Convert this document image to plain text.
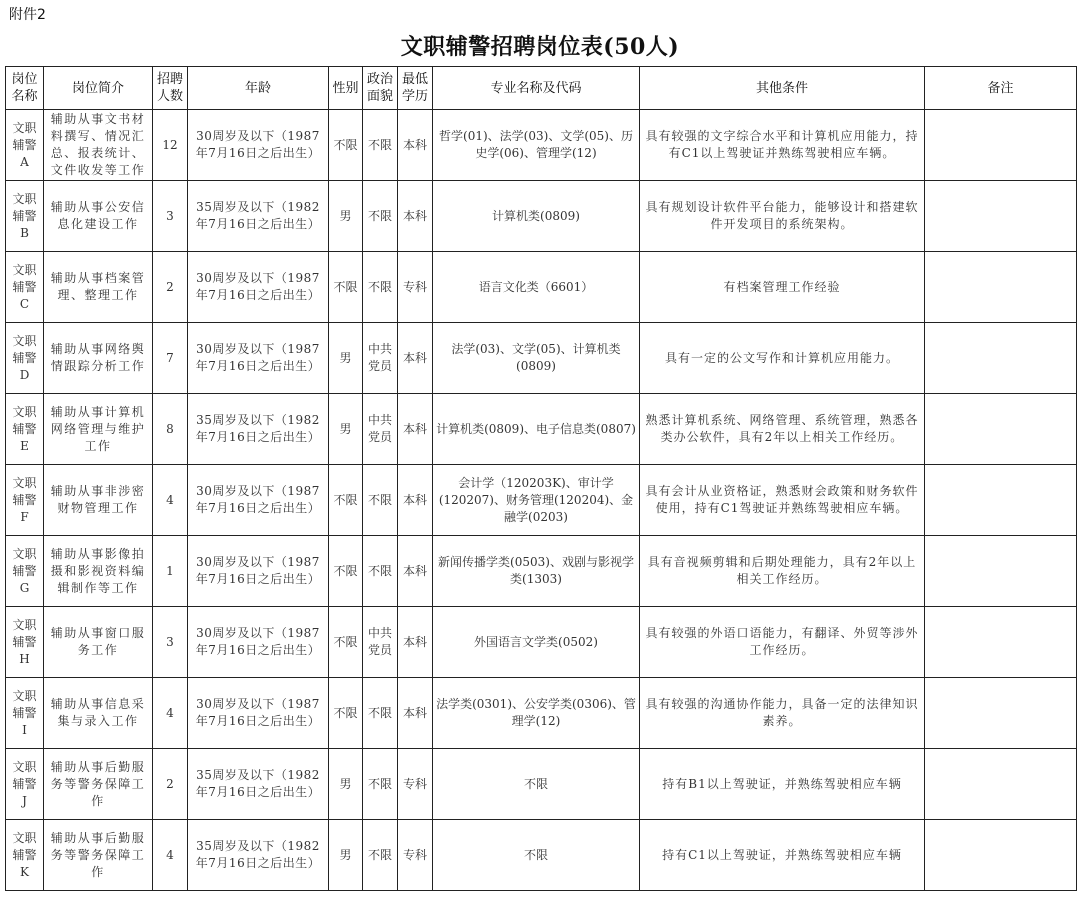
附件2
文职辅警招聘岗位表(50人)
岗位名称	岗位简介	招聘人数	年龄	性别	政治面貌	最低学历	专业名称及代码	其他条件	备注

文职
辅警
A	辅助从事文书材料撰写、情况汇总、报表统计、文件收发等工作	12	30周岁及以下（1987年7月16日之后出生）	不限	不限	本科	哲学(01)、法学(03)、文学(05)、历史学(06)、管理学(12)	具有较强的文字综合水平和计算机应用能力，持有C1以上驾驶证并熟练驾驶相应车辆。	

文职
辅警
B	辅助从事公安信息化建设工作	3	35周岁及以下（1982年7月16日之后出生）	男	不限	本科	计算机类(0809)	具有规划设计软件平台能力，能够设计和搭建软件开发项目的系统架构。	

文职
辅警
C	辅助从事档案管理、整理工作	2	30周岁及以下（1987年7月16日之后出生）	不限	不限	专科	语言文化类（6601）	有档案管理工作经验	

文职
辅警
D	辅助从事网络舆情跟踪分析工作	7	30周岁及以下（1987年7月16日之后出生）	男	中共党员	本科	法学(03)、文学(05)、计算机类(0809)	具有一定的公文写作和计算机应用能力。	

文职
辅警
E	辅助从事计算机网络管理与维护工作	8	35周岁及以下（1982年7月16日之后出生）	男	中共党员	本科	计算机类(0809)、电子信息类(0807)	熟悉计算机系统、网络管理、系统管理，熟悉各类办公软件，具有2年以上相关工作经历。	

文职
辅警
F	辅助从事非涉密财物管理工作	4	30周岁及以下（1987年7月16日之后出生）	不限	不限	本科	会计学（120203K)、审计学(120207)、财务管理(120204)、金融学(0203)	具有会计从业资格证，熟悉财会政策和财务软件使用，持有C1驾驶证并熟练驾驶相应车辆。	

文职
辅警
G	辅助从事影像拍摄和影视资料编辑制作等工作	1	30周岁及以下（1987年7月16日之后出生）	不限	不限	本科	新闻传播学类(0503)、戏剧与影视学类(1303)	具有音视频剪辑和后期处理能力，具有2年以上相关工作经历。	

文职
辅警
H	辅助从事窗口服务工作	3	30周岁及以下（1987年7月16日之后出生）	不限	中共党员	本科	外国语言文学类(0502)	具有较强的外语口语能力，有翻译、外贸等涉外工作经历。	

文职
辅警
I	辅助从事信息采集与录入工作	4	30周岁及以下（1987年7月16日之后出生）	不限	不限	本科	法学类(0301)、公安学类(0306)、管理学(12)	具有较强的沟通协作能力，具备一定的法律知识素养。	

文职
辅警
J	辅助从事后勤服务等警务保障工作	2	35周岁及以下（1982年7月16日之后出生）	男	不限	专科	不限	持有B1以上驾驶证，并熟练驾驶相应车辆	

文职
辅警
K	辅助从事后勤服务等警务保障工作	4	35周岁及以下（1982年7月16日之后出生）	男	不限	专科	不限	持有C1以上驾驶证，并熟练驾驶相应车辆	
